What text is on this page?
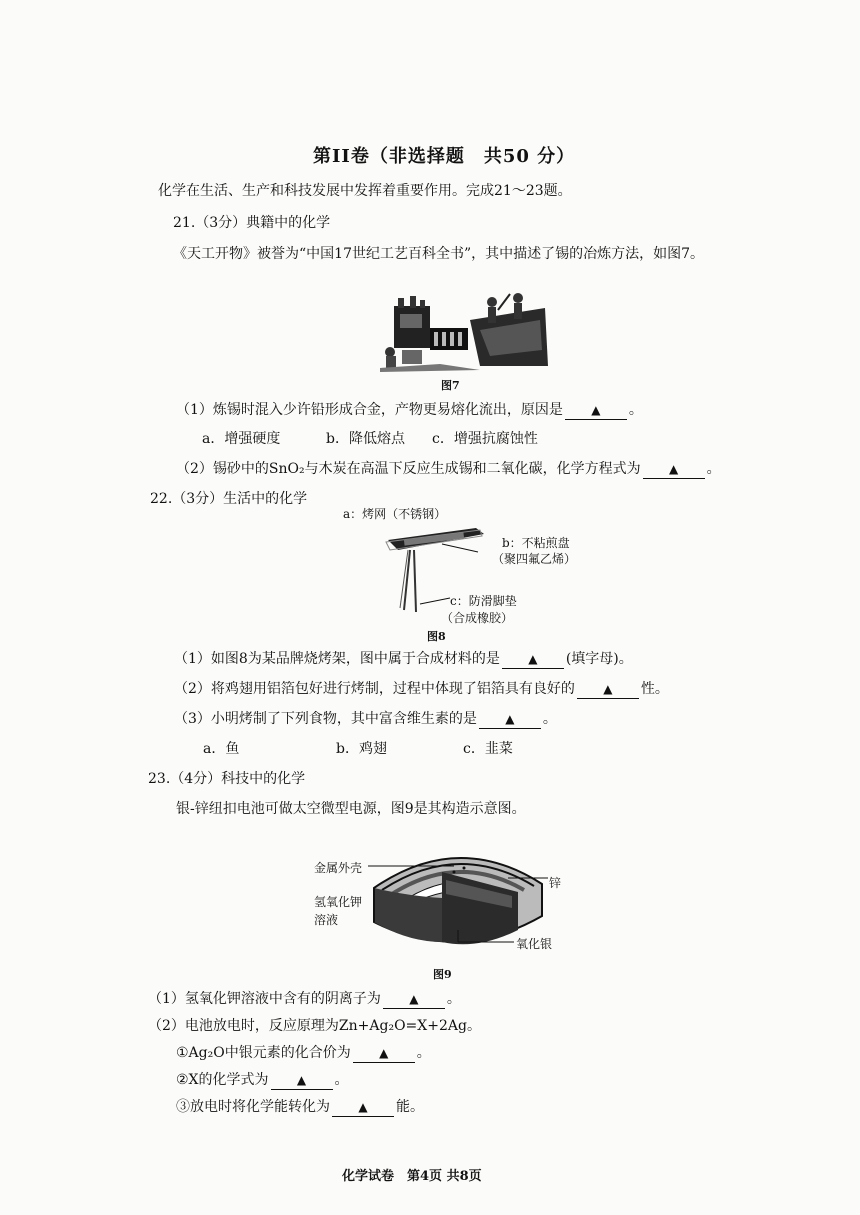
第II卷（非选择题　共50 分）
化学在生活、生产和科技发展中发挥着重要作用。完成21～23题。
21.（3分）典籍中的化学
《天工开物》被誉为“中国17世纪工艺百科全书”，其中描述了锡的冶炼方法，如图7。
图7
（1）炼锡时混入少许铅形成合金，产物更易熔化流出，原因是 ▲ 。
a．增强硬度	b．降低熔点 c．增强抗腐蚀性
（2）锡砂中的SnO₂与木炭在高温下反应生成锡和二氧化碳，化学方程式为 ▲ 。
22.（3分）生活中的化学
a：烤网（不锈钢）
b：不粘煎盘
（聚四氟乙烯）
c：防滑脚垫
（合成橡胶）
图8
（1）如图8为某品牌烧烤架，图中属于合成材料的是 ▲ (填字母)。
（2）将鸡翅用铝箔包好进行烤制，过程中体现了铝箔具有良好的 ▲ 性。
（3）小明烤制了下列食物，其中富含维生素的是 ▲ 。
a．鱼	b．鸡翅	c．韭菜
23.（4分）科技中的化学
银-锌纽扣电池可做太空微型电源，图9是其构造示意图。
金属外壳
氢氧化钾
溶液
锌
氧化银
图9
（1）氢氧化钾溶液中含有的阴离子为 ▲ 。
（2）电池放电时，反应原理为Zn+Ag₂O=X+2Ag。
①Ag₂O中银元素的化合价为 ▲ 。
②X的化学式为 ▲ 。
③放电时将化学能转化为 ▲ 能。
化学试卷　第4页 共8页
